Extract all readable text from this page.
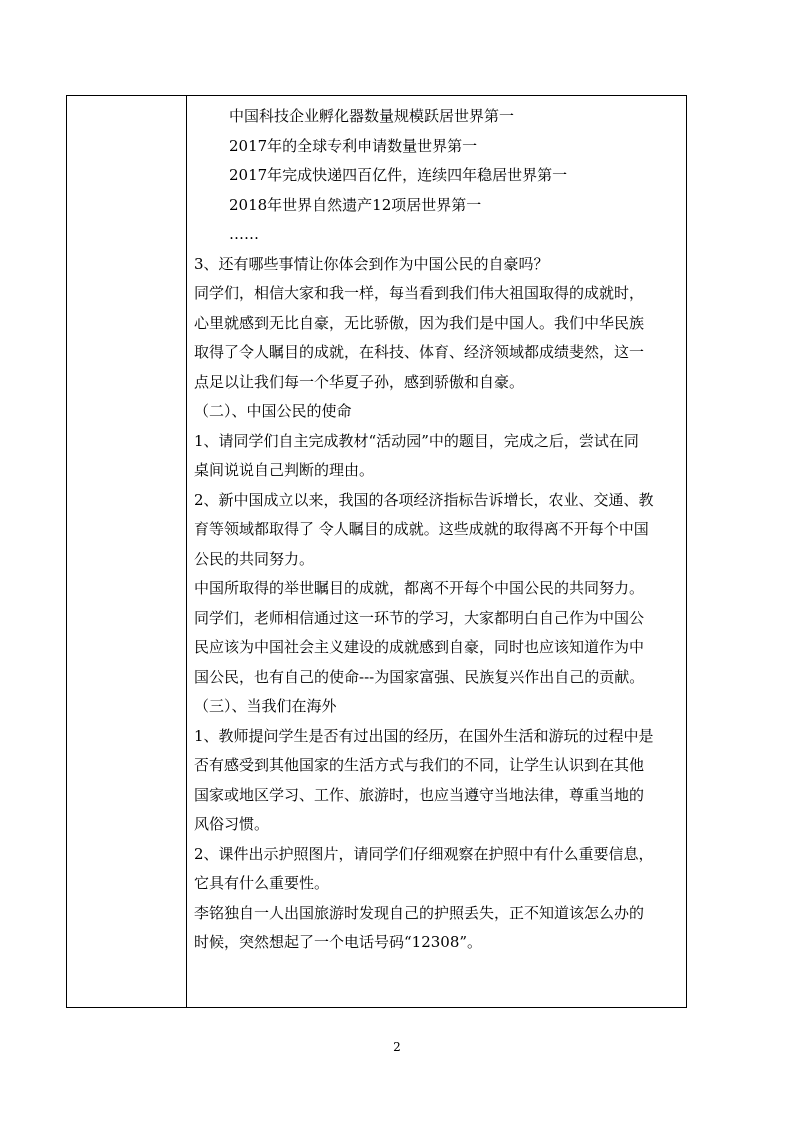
中国科技企业孵化器数量规模跃居世界第一
2017年的全球专利申请数量世界第一
2017年完成快递四百亿件，连续四年稳居世界第一
2018年世界自然遗产12项居世界第一
……
3、还有哪些事情让你体会到作为中国公民的自豪吗？
同学们，相信大家和我一样，每当看到我们伟大祖国取得的成就时，
心里就感到无比自豪，无比骄傲，因为我们是中国人。我们中华民族
取得了令人瞩目的成就，在科技、体育、经济领域都成绩斐然，这一
点足以让我们每一个华夏子孙，感到骄傲和自豪。
（二）、中国公民的使命
1、请同学们自主完成教材“活动园”中的题目，完成之后，尝试在同
桌间说说自己判断的理由。
2、新中国成立以来，我国的各项经济指标告诉增长，农业、交通、教
育等领域都取得了 令人瞩目的成就。这些成就的取得离不开每个中国
公民的共同努力。
中国所取得的举世瞩目的成就，都离不开每个中国公民的共同努力。
同学们，老师相信通过这一环节的学习，大家都明白自己作为中国公
民应该为中国社会主义建设的成就感到自豪，同时也应该知道作为中
国公民，也有自己的使命---为国家富强、民族复兴作出自己的贡献。
（三）、当我们在海外
1、教师提问学生是否有过出国的经历，在国外生活和游玩的过程中是
否有感受到其他国家的生活方式与我们的不同，让学生认识到在其他
国家或地区学习、工作、旅游时，也应当遵守当地法律，尊重当地的
风俗习惯。
2、课件出示护照图片，请同学们仔细观察在护照中有什么重要信息，
它具有什么重要性。
李铭独自一人出国旅游时发现自己的护照丢失，正不知道该怎么办的
时候，突然想起了一个电话号码“12308”。
2
